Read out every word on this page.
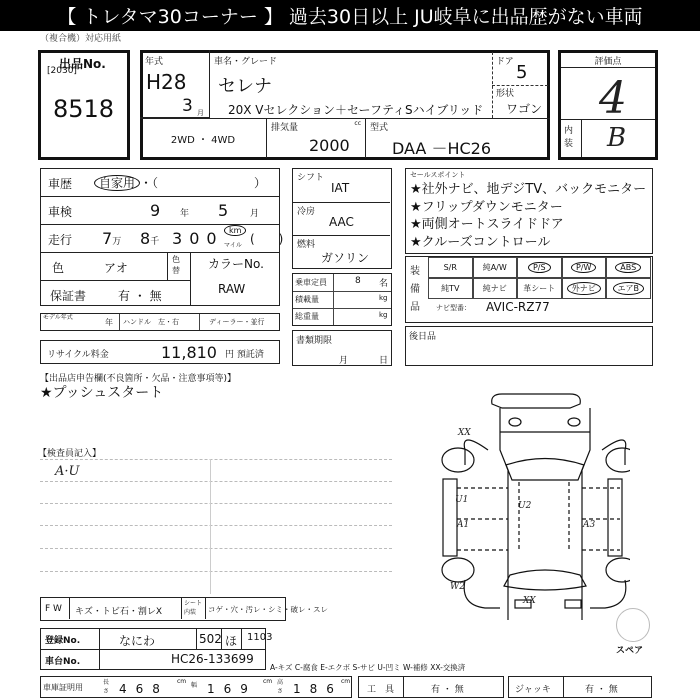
【 トレタマ30コーナー 】 過去30日以上 JU岐阜に出品歴がない車両
（複合機）対応用紙
出品No.
[2030]
8518
年式
H28
3 月
車名・グレード
セレナ
20X Vセレクション＋セーフティSハイブリッド
ドア 5
形状
ワゴン
2WD ・ 4WD
排気量	cc
2000
型式
DAA －HC26
評価点
4
内装 B
車歴	自家用 ・（　　　　　　　　）
車検	9 年 5 月
走行 7万 8千 300 km
マイル (　　)
色	アオ
色替 カラーNo.
RAW
保証書	有 ・ 無
モデル年式
年 ハンドル　左・右	ディーラー・並行
リサイクル料金	11,810 円 預託済
シフト
IAT
冷房
AAC
燃料
ガソリン
乗車定員	8 名
積載量	kg
総重量	kg
書類期限
月	日
セールスポイント
★社外ナビ、地デジTV、バックモニター
★フリップダウンモニター
★両側オートスライドドア
★クルーズコントロール
装備品
S/R	純A/W	P/S	P/W	ABS
純TV	純ナビ 革シート	外ナビ	エアB
ナビ型番： AVIC-RZ77
後日品
【出品店申告欄(不良箇所・欠品・注意事項等)】
★プッシュスタート
【検査員記入】
A·U
XX
U1
U2
A1	A3
W2
XX
スペア
F W キズ・トビ石・割レX
シート内装	コゲ・穴・汚レ・シミ・破レ・スレ
登録No.	なにわ	502 ほ 1103
車台No.	HC26-133699
A-キズ C-腐食 E-エクボ S-サビ U-凹ミ W-補修 XX-交換済
車庫証明用
長さ 468
cm
幅 169
cm 高さ 186
cm
工　具	有 ・ 無	ジャッキ	有 ・ 無
